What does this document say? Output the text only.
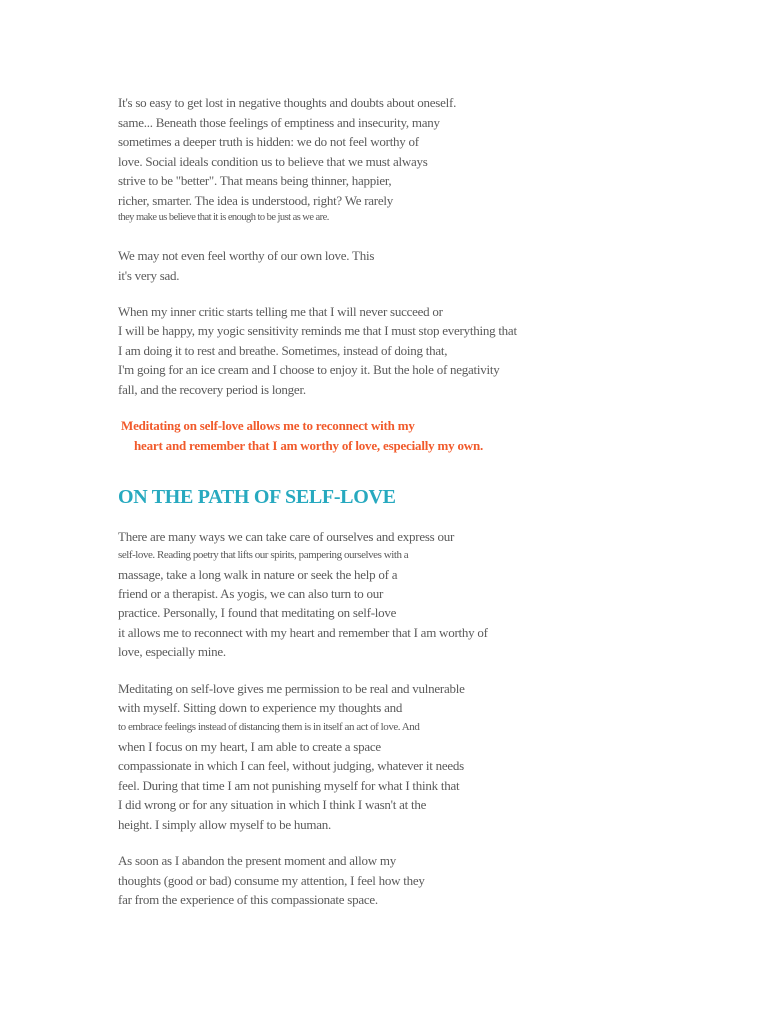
It's so easy to get lost in negative thoughts and doubts about oneself.
same... Beneath those feelings of emptiness and insecurity, many
sometimes a deeper truth is hidden: we do not feel worthy of
love. Social ideals condition us to believe that we must always
strive to be "better". That means being thinner, happier,
richer, smarter. The idea is understood, right? We rarely
they make us believe that it is enough to be just as we are.
We may not even feel worthy of our own love. This
it's very sad.
When my inner critic starts telling me that I will never succeed or
I will be happy, my yogic sensitivity reminds me that I must stop everything that
I am doing it to rest and breathe. Sometimes, instead of doing that,
I'm going for an ice cream and I choose to enjoy it. But the hole of negativity
fall, and the recovery period is longer.
Meditating on self-love allows me to reconnect with my
heart and remember that I am worthy of love, especially my own.
ON THE PATH OF SELF-LOVE
There are many ways we can take care of ourselves and express our
self-love. Reading poetry that lifts our spirits, pampering ourselves with a
massage, take a long walk in nature or seek the help of a
friend or a therapist. As yogis, we can also turn to our
practice. Personally, I found that meditating on self-love
it allows me to reconnect with my heart and remember that I am worthy of
love, especially mine.
Meditating on self-love gives me permission to be real and vulnerable
with myself. Sitting down to experience my thoughts and
to embrace feelings instead of distancing them is in itself an act of love. And
when I focus on my heart, I am able to create a space
compassionate in which I can feel, without judging, whatever it needs
feel. During that time I am not punishing myself for what I think that
I did wrong or for any situation in which I think I wasn't at the
height. I simply allow myself to be human.
As soon as I abandon the present moment and allow my
thoughts (good or bad) consume my attention, I feel how they
far from the experience of this compassionate space.
